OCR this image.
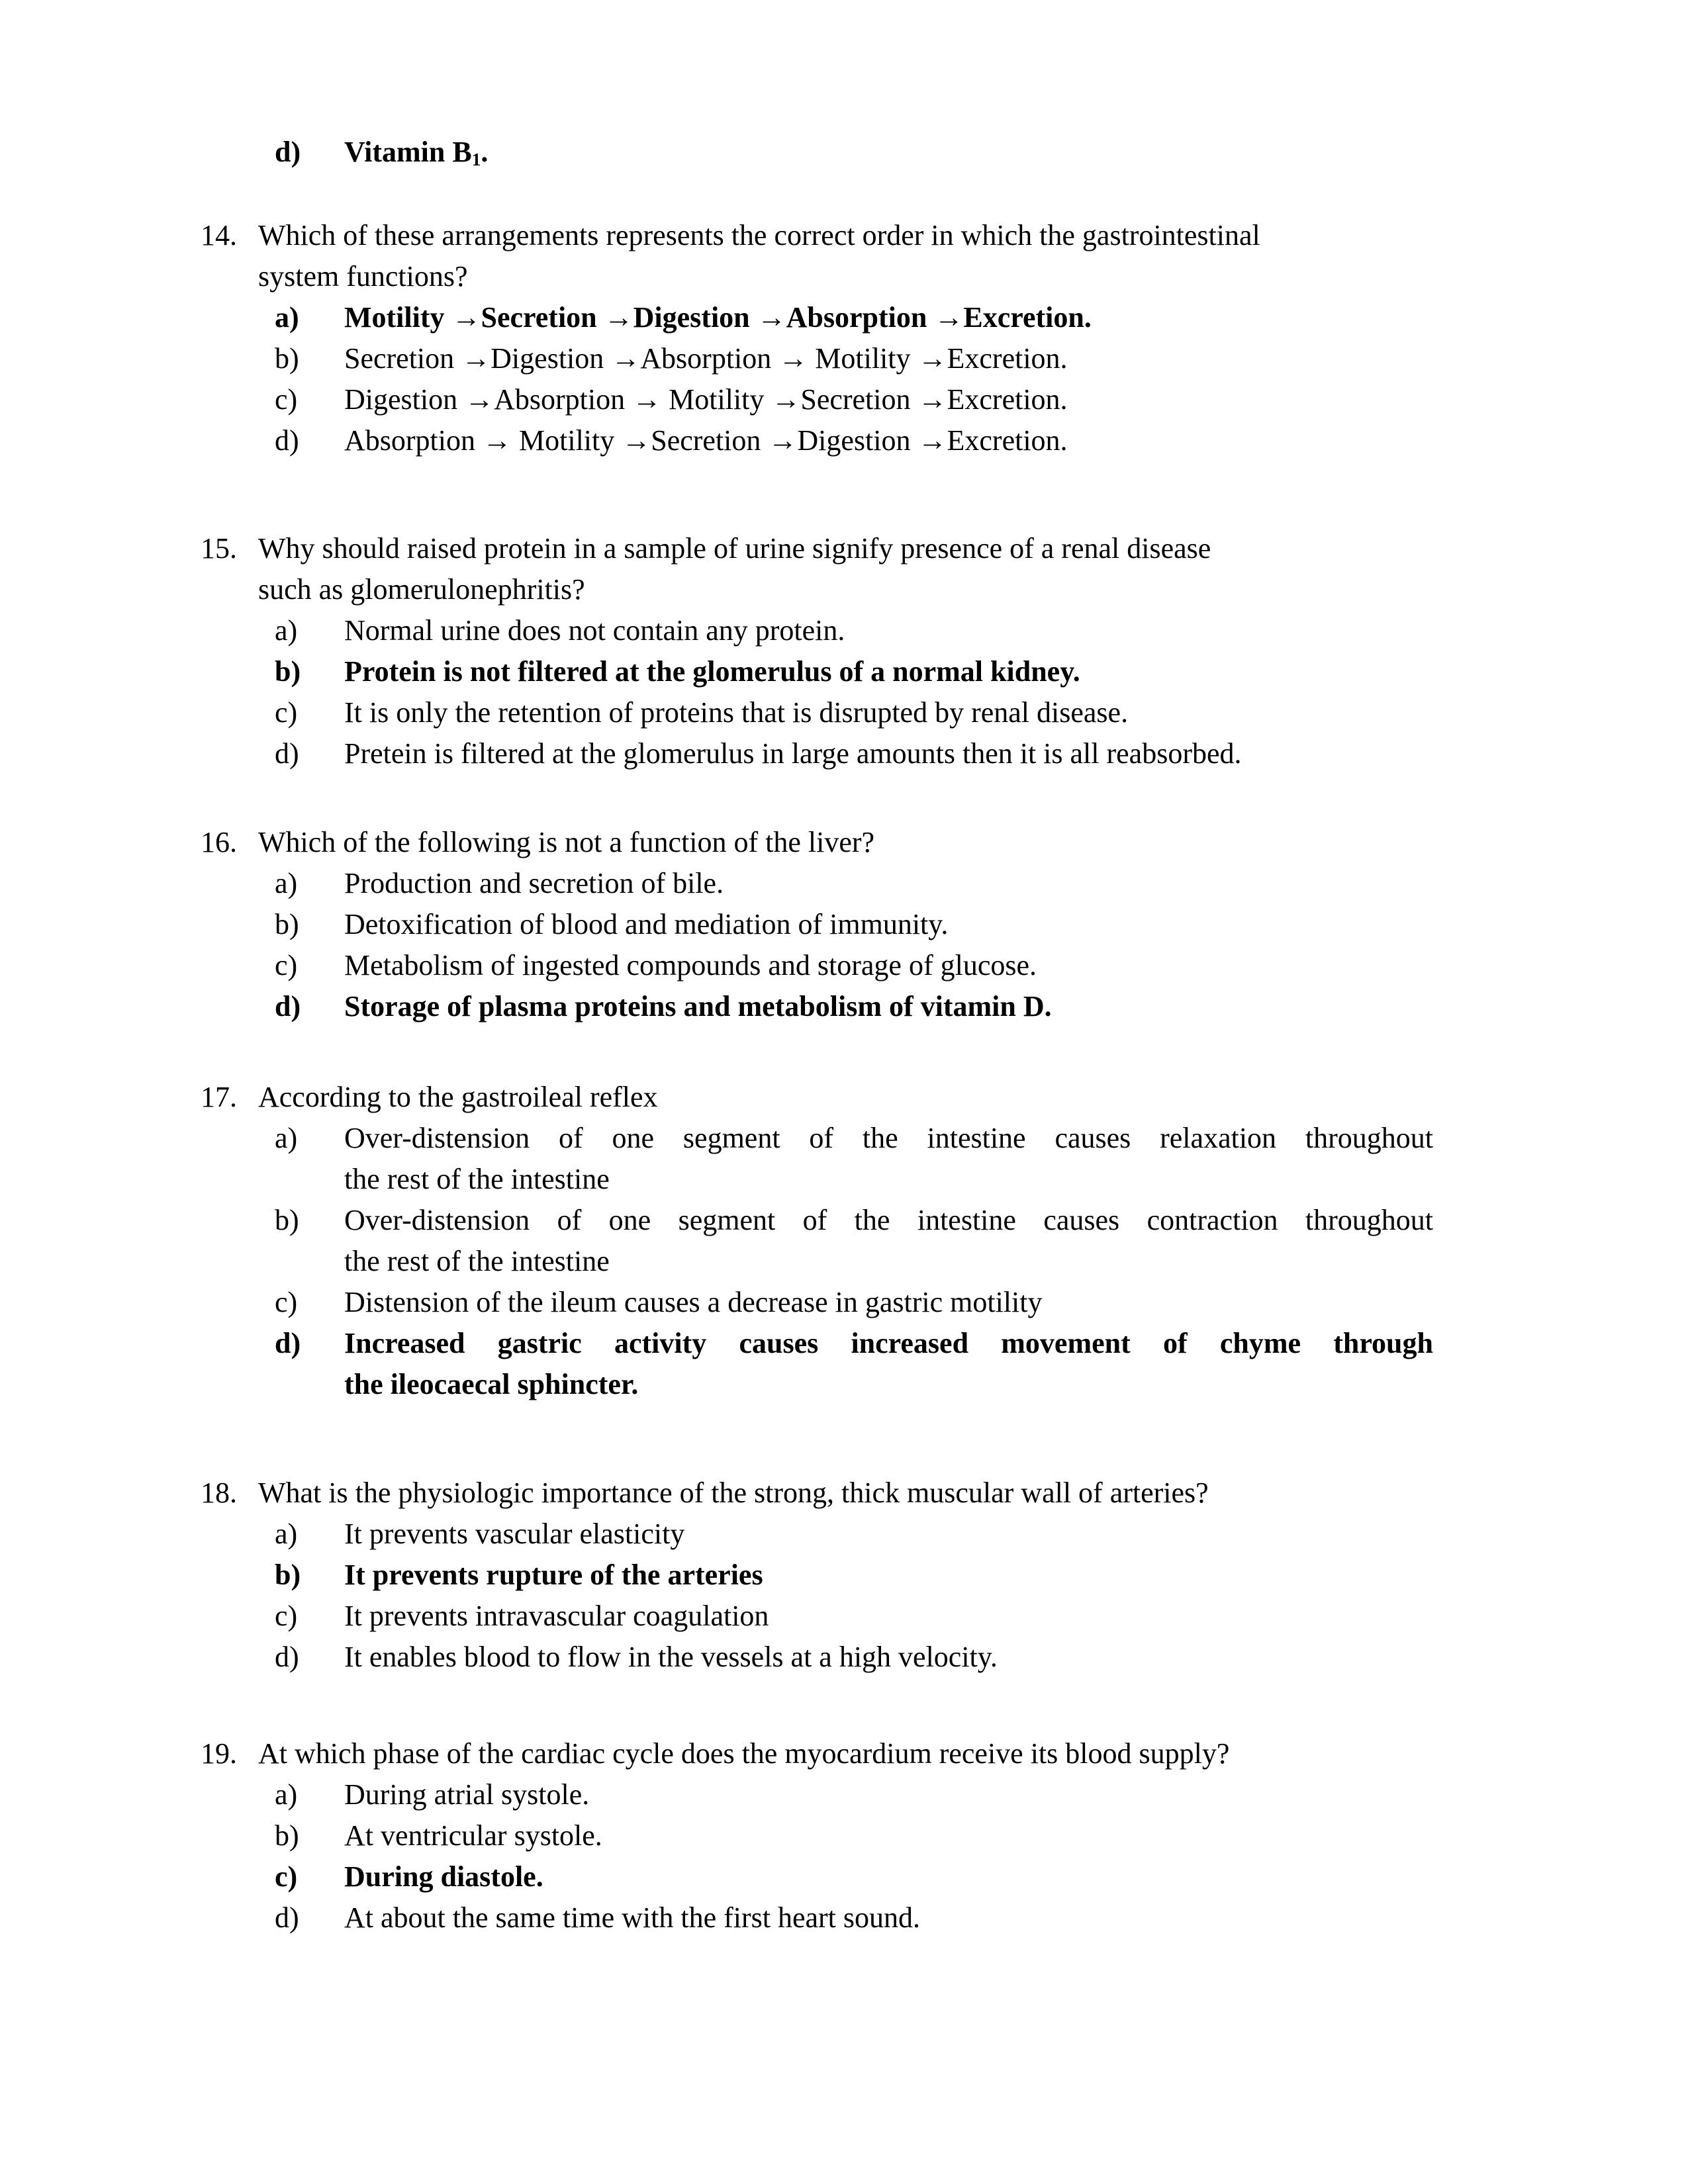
d) Vitamin $B_1$.
14. Which of these arrangements represents the correct order in which the gastrointestinal
system functions?
a) Motility →Secretion →Digestion →Absorption →Excretion.
b) Secretion →Digestion →Absorption → Motility →Excretion.
c) Digestion →Absorption → Motility →Secretion →Excretion.
d) Absorption → Motility →Secretion →Digestion →Excretion.
15. Why should raised protein in a sample of urine signify presence of a renal disease
such as glomerulonephritis?
a) Normal urine does not contain any protein.
b) Protein is not filtered at the glomerulus of a normal kidney.
c) It is only the retention of proteins that is disrupted by renal disease.
d) Pretein is filtered at the glomerulus in large amounts then it is all reabsorbed.
16. Which of the following is not a function of the liver?
a) Production and secretion of bile.
b) Detoxification of blood and mediation of immunity.
c) Metabolism of ingested compounds and storage of glucose.
d) Storage of plasma proteins and metabolism of vitamin D.
17. According to the gastroileal reflex
a) Over-distension of one segment of the intestine causes relaxation throughout
the rest of the intestine
b) Over-distension of one segment of the intestine causes contraction throughout
the rest of the intestine
c) Distension of the ileum causes a decrease in gastric motility
d) Increased gastric activity causes increased movement of chyme through
the ileocaecal sphincter.
18. What is the physiologic importance of the strong, thick muscular wall of arteries?
a) It prevents vascular elasticity
b) It prevents rupture of the arteries
c) It prevents intravascular coagulation
d) It enables blood to flow in the vessels at a high velocity.
19. At which phase of the cardiac cycle does the myocardium receive its blood supply?
a) During atrial systole.
b) At ventricular systole.
c) During diastole.
d) At about the same time with the first heart sound.
